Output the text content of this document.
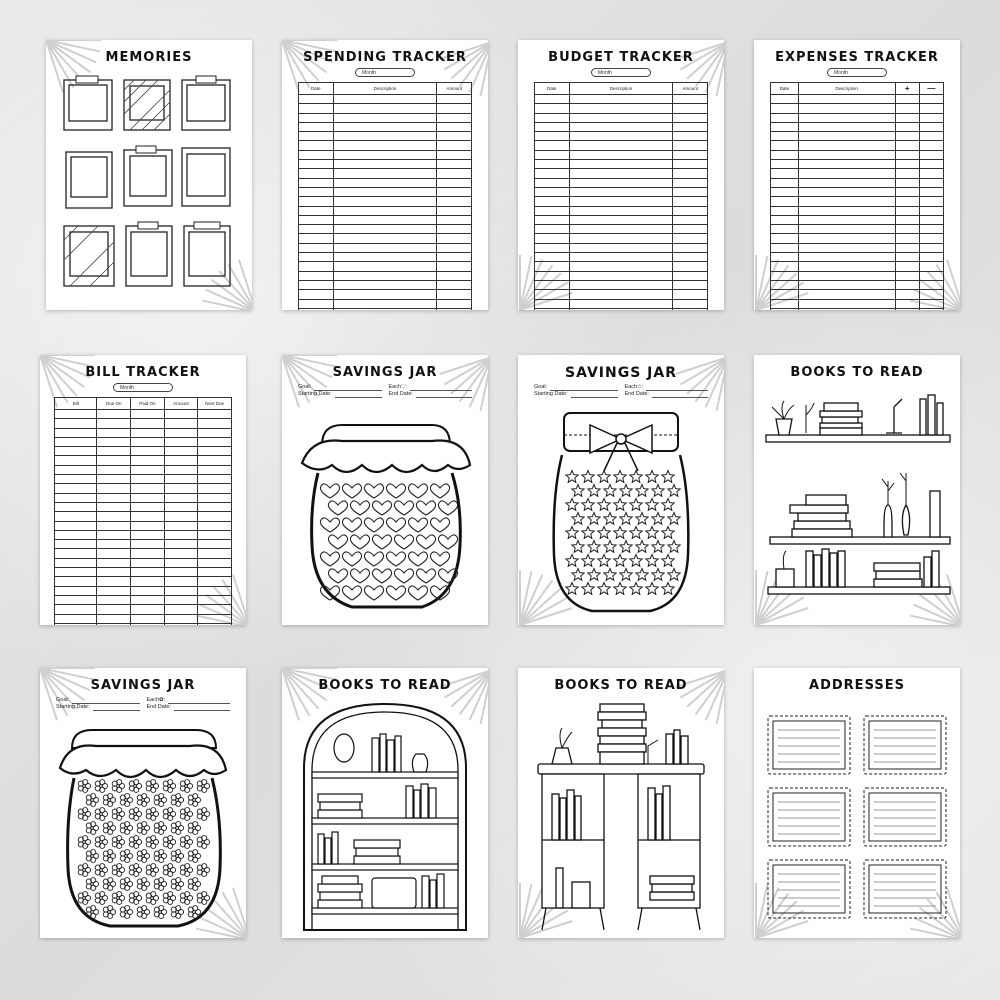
MEMORIES	SPENDING TRACKER
Month
Date	Description	Amount

BUDGET TRACKER
Month
Date	Description	Amount

EXPENSES TRACKER
Month
Date	Description	+	—

BILL TRACKER
Month
Bill	Due On	Paid On	Amount	Next Due

SAVINGS JAR
Goal:	Each♡:
Starting Date:	End Date:
SAVINGS JAR
Goal:	Each☆:
Starting Date:	End Date:
BOOKS TO READ
SAVINGS JAR
Goal:	Each✿:
Starting Date:	End Date:
BOOKS TO READ	BOOKS TO READ	ADDRESSES
